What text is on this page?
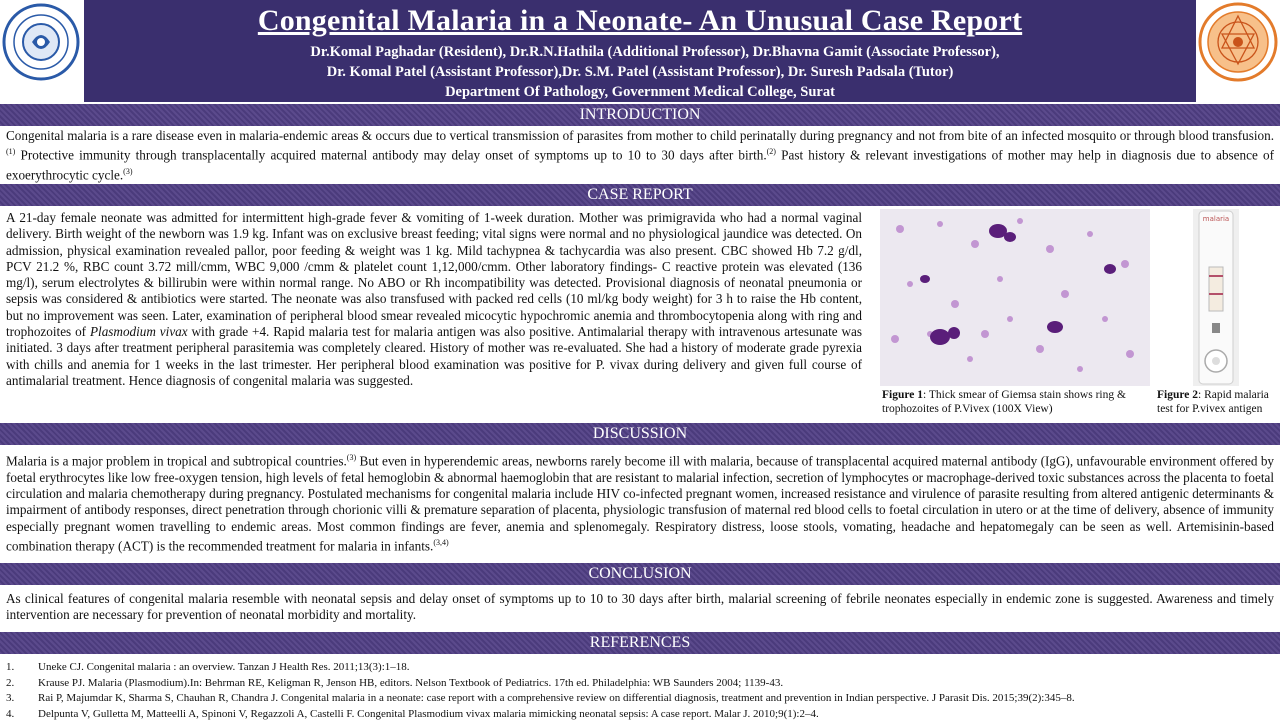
Congenital Malaria in a Neonate- An Unusual Case Report
Dr.Komal Paghadar (Resident), Dr.R.N.Hathila (Additional Professor), Dr.Bhavna Gamit (Associate Professor),
Dr. Komal Patel (Assistant Professor),Dr. S.M. Patel (Assistant Professor), Dr. Suresh Padsala (Tutor)
Department Of Pathology, Government Medical College, Surat
INTRODUCTION
Congenital malaria is a rare disease even in malaria-endemic areas & occurs due to vertical transmission of parasites from mother to child perinatally during pregnancy and not from bite of an infected mosquito or through blood transfusion.$^{(1)}$ Protective immunity through transplacentally acquired maternal antibody may delay onset of symptoms up to 10 to 30 days after birth.$^{(2)}$ Past history & relevant investigations of mother may help in diagnosis due to absence of exoerythrocytic cycle.$^{(3)}$
CASE REPORT
A 21-day female neonate was admitted for intermittent high-grade fever & vomiting of 1-week duration. Mother was primigravida who had a normal vaginal delivery. Birth weight of the newborn was 1.9 kg. Infant was on exclusive breast feeding; vital signs were normal and no physiological jaundice was detected. On admission, physical examination revealed pallor, poor feeding & weight was 1 kg. Mild tachypnea & tachycardia was also present. CBC showed Hb 7.2 g/dl, PCV 21.2 %, RBC count 3.72 mill/cmm, WBC 9,000 /cmm & platelet count 1,12,000/cmm. Other laboratory findings- C reactive protein was elevated (136 mg/l), serum electrolytes & billirubin were within normal range. No ABO or Rh incompatibility was detected. Provisional diagnosis of neonatal pneumonia or sepsis was considered & antibiotics were started. The neonate was also transfused with packed red cells (10 ml/kg body weight) for 3 h to raise the Hb content, but no improvement was seen. Later, examination of peripheral blood smear revealed micocytic hypochromic anemia and thrombocytopenia along with ring and trophozoites of Plasmodium vivax with grade +4. Rapid malaria test for malaria antigen was also positive. Antimalarial therapy with intravenous artesunate was initiated. 3 days after treatment peripheral parasitemia was completely cleared. History of mother was re-evaluated. She had a history of moderate grade pyrexia with chills and anemia for 1 weeks in the last trimester. Her peripheral blood examination was positive for P. vivax during delivery and given full course of antimalarial treatment. Hence diagnosis of congenital malaria was suggested.
malaria
Figure 1: Thick smear of Giemsa stain shows ring & trophozoites of P.Vivex (100X View)
Figure 2: Rapid malaria test for P.vivex antigen
DISCUSSION
Malaria is a major problem in tropical and subtropical countries.$^{(3)}$ But even in hyperendemic areas, newborns rarely become ill with malaria, because of transplacental acquired maternal antibody (IgG), unfavourable environment offered by foetal erythrocytes like low free-oxygen tension, high levels of fetal hemoglobin & abnormal haemoglobin that are resistant to malarial infection, secretion of lymphocytes or macrophage-derived toxic substances across the placenta to foetal circulation and malaria chemotherapy during pregnancy. Postulated mechanisms for congenital malaria include HIV co-infected pregnant women, increased resistance and virulence of parasite resulting from altered antigenic determinants & impairment of antibody responses, direct penetration through chorionic villi & premature separation of placenta, physiologic transfusion of maternal red blood cells to foetal circulation in utero or at the time of delivery, absence of immunity especially pregnant women travelling to endemic areas. Most common findings are fever, anemia and splenomegaly. Respiratory distress, loose stools, vomating, headache and hepatomegaly can be seen as well. Artemisinin-based combination therapy (ACT) is the recommended treatment for malaria in infants.$^{(3,4)}$
CONCLUSION
As clinical features of congenital malaria resemble with neonatal sepsis and delay onset of symptoms up to 10 to 30 days after birth, malarial screening of febrile neonates especially in endemic zone is suggested. Awareness and timely intervention are necessary for prevention of neonatal morbidity and mortality.
REFERENCES
1.	Uneke CJ. Congenital malaria : an overview. Tanzan J Health Res. 2011;13(3):1–18.
2.	Krause PJ. Malaria (Plasmodium).In: Behrman RE, Keligman R, Jenson HB, editors. Nelson Textbook of Pediatrics. 17th ed. Philadelphia: WB Saunders 2004; 1139-43.
3.	Rai P, Majumdar K, Sharma S, Chauhan R, Chandra J. Congenital malaria in a neonate: case report with a comprehensive review on differential diagnosis, treatment and prevention in Indian perspective. J Parasit Dis. 2015;39(2):345–8.
4.	Delpunta V, Gulletta M, Matteelli A, Spinoni V, Regazzoli A, Castelli F. Congenital Plasmodium vivax malaria mimicking neonatal sepsis: A case report. Malar J. 2010;9(1):2–4.
